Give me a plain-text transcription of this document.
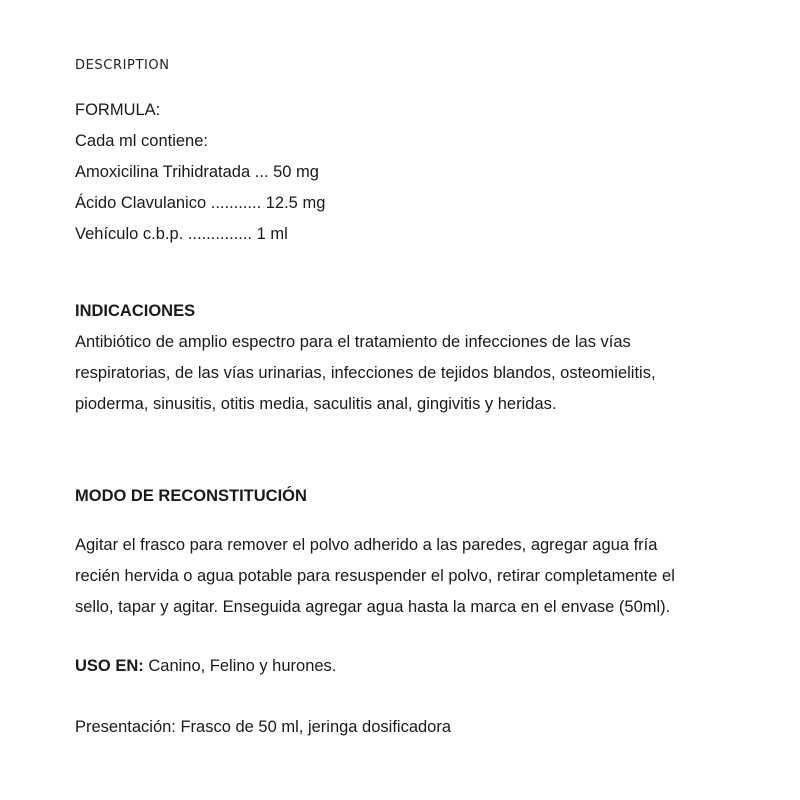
DESCRIPTION
FORMULA:
Cada ml contiene:
Amoxicilina Trihidratada ... 50 mg
Ácido Clavulanico ........... 12.5 mg
Vehículo c.b.p. .............. 1 ml
INDICACIONES
Antibiótico de amplio espectro para el tratamiento de infecciones de las vías
respiratorias, de las vías urinarias, infecciones de tejidos blandos, osteomielitis,
pioderma, sinusitis, otitis media, saculitis anal, gingivitis y heridas.
MODO DE RECONSTITUCIÓN
Agitar el frasco para remover el polvo adherido a las paredes, agregar agua fría
recién hervida o agua potable para resuspender el polvo, retirar completamente el
sello, tapar y agitar. Enseguida agregar agua hasta la marca en el envase (50ml).
USO EN: Canino, Felino y hurones.
Presentación: Frasco de 50 ml, jeringa dosificadora
